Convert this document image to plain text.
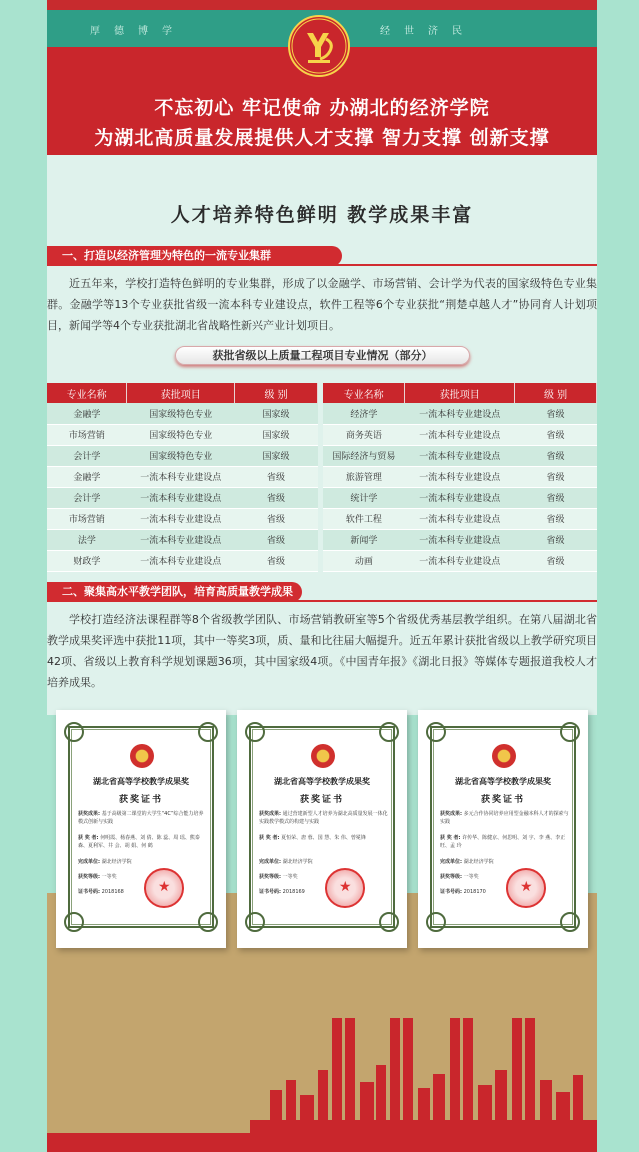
厚德博学	经世济民
不忘初心 牢记使命 办湖北的经济学院
为湖北高质量发展提供人才支撑 智力支撑 创新支撑
人才培养特色鲜明 教学成果丰富
一、打造以经济管理为特色的一流专业集群
近五年来，学校打造特色鲜明的专业集群，形成了以金融学、市场营销、会计学为代表的国家级特色专业集群。金融学等13个专业获批省级一流本科专业建设点，软件工程等6个专业获批“荆楚卓越人才”协同育人计划项目，新闻学等4个专业获批湖北省战略性新兴产业计划项目。
获批省级以上质量工程项目专业情况（部分）
专业名称	获批项目	级 别
金融学	国家级特色专业	国家级
市场营销	国家级特色专业	国家级
会计学	国家级特色专业	国家级
金融学	一流本科专业建设点	省级
会计学	一流本科专业建设点	省级
市场营销	一流本科专业建设点	省级
法学	一流本科专业建设点	省级
财政学	一流本科专业建设点	省级
专业名称	获批项目	级 别
经济学	一流本科专业建设点	省级
商务英语	一流本科专业建设点	省级
国际经济与贸易	一流本科专业建设点	省级
旅游管理	一流本科专业建设点	省级
统计学	一流本科专业建设点	省级
软件工程	一流本科专业建设点	省级
新闻学	一流本科专业建设点	省级
动画	一流本科专业建设点	省级
二、聚集高水平教学团队，培育高质量教学成果
学校打造经济法课程群等8个省级教学团队、市场营销教研室等5个省级优秀基层教学组织。在第八届湖北省教学成果奖评选中获批11项，其中一等奖3项，质、量和比往届大幅提升。近五年累计获批省级以上教学研究项目42项、省级以上教育科学规划课题36项，其中国家级4项。《中国青年报》《湖北日报》等媒体专题报道我校人才培养成果。
湖北省高等学校教学成果奖
获奖证书
获奖成果: 基于高级第二课堂的大学生“4C”综合能力培养模式创新与实践
获 奖 者: 何明霞、杨春燕、刘 倩、陈 蕊、周 瑶、熊泰森、夏利军、井 会、胡 娟、何 鹤
完成单位: 湖北经济学院
获奖等级: 一等奖
证书号码: 2018168
★
湖北省高等学校教学成果奖
获奖证书
获奖成果: 通过营建新型人才培养为湖北高质量发展一体化实践教学模式的构建与实践
获 奖 者: 夏恒荣、唐 蓉、国 慧、朱 伟、曾冕锋
完成单位: 湖北经济学院
获奖等级: 一等奖
证书号码: 2018169
★
湖北省高等学校教学成果奖
获奖证书
获奖成果: 多元合作协同培养应用型金融本科人才的探索与实践
获 奖 者: 许传华、陈健京、何思明、刘 宇、李 燕、李正旺、孟 玲
完成单位: 湖北经济学院
获奖等级: 一等奖
证书号码: 2018170
★
